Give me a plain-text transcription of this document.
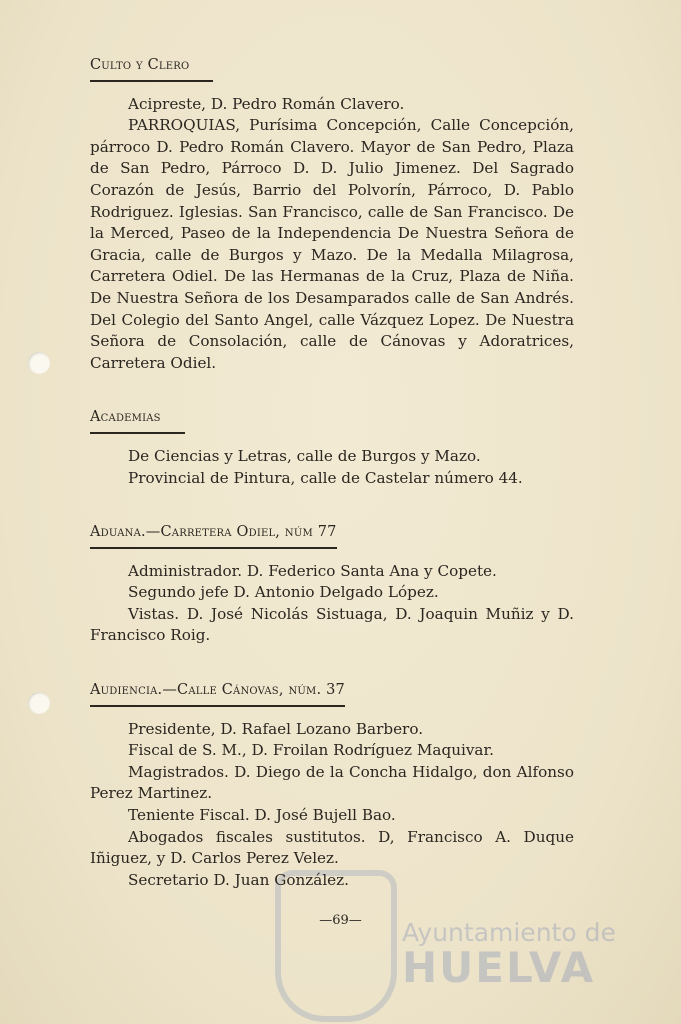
Culto y Clero

Acipreste, D. Pedro Román Clavero.

PARROQUIAS, Purísima Concepción, Calle Concepción, párroco D. Pedro Román Clavero. Mayor de San Pedro, Plaza de San Pedro, Párroco D. D. Julio Jimenez. Del Sagrado Corazón de Jesús, Barrio del Polvorín, Párroco, D. Pablo Rodriguez. Iglesias. San Francisco, calle de San Francisco. De la Merced, Paseo de la Independencia De Nuestra Señora de Gracia, calle de Burgos y Mazo. De la Medalla Milagrosa, Carretera Odiel. De las Hermanas de la Cruz, Plaza de Niña. De Nuestra Señora de los Desamparados calle de San Andrés. Del Colegio del Santo Angel, calle Vázquez Lopez. De Nuestra Señora de Consolación, calle de Cánovas y Adoratrices, Carretera Odiel.

Academias

De Ciencias y Letras, calle de Burgos y Mazo.

Provincial de Pintura, calle de Castelar número 44.

Aduana.—Carretera Odiel, núm 77

Administrador. D. Federico Santa Ana y Copete.

Segundo jefe D. Antonio Delgado López.

Vistas. D. José Nicolás Sistuaga, D. Joaquin Muñiz y D. Francisco Roig.

Audiencia.—Calle Cánovas, núm. 37

Presidente, D. Rafael Lozano Barbero.

Fiscal de S. M., D. Froilan Rodríguez Maquivar.

Magistrados. D. Diego de la Concha Hidalgo, don Alfonso Perez Martinez.

Teniente Fiscal. D. José Bujell Bao.

Abogados fiscales sustitutos. D, Francisco A. Duque Iñiguez, y D. Carlos Perez Velez.

Secretario D. Juan González.

—69—	Ayuntamiento de
HUELVA
